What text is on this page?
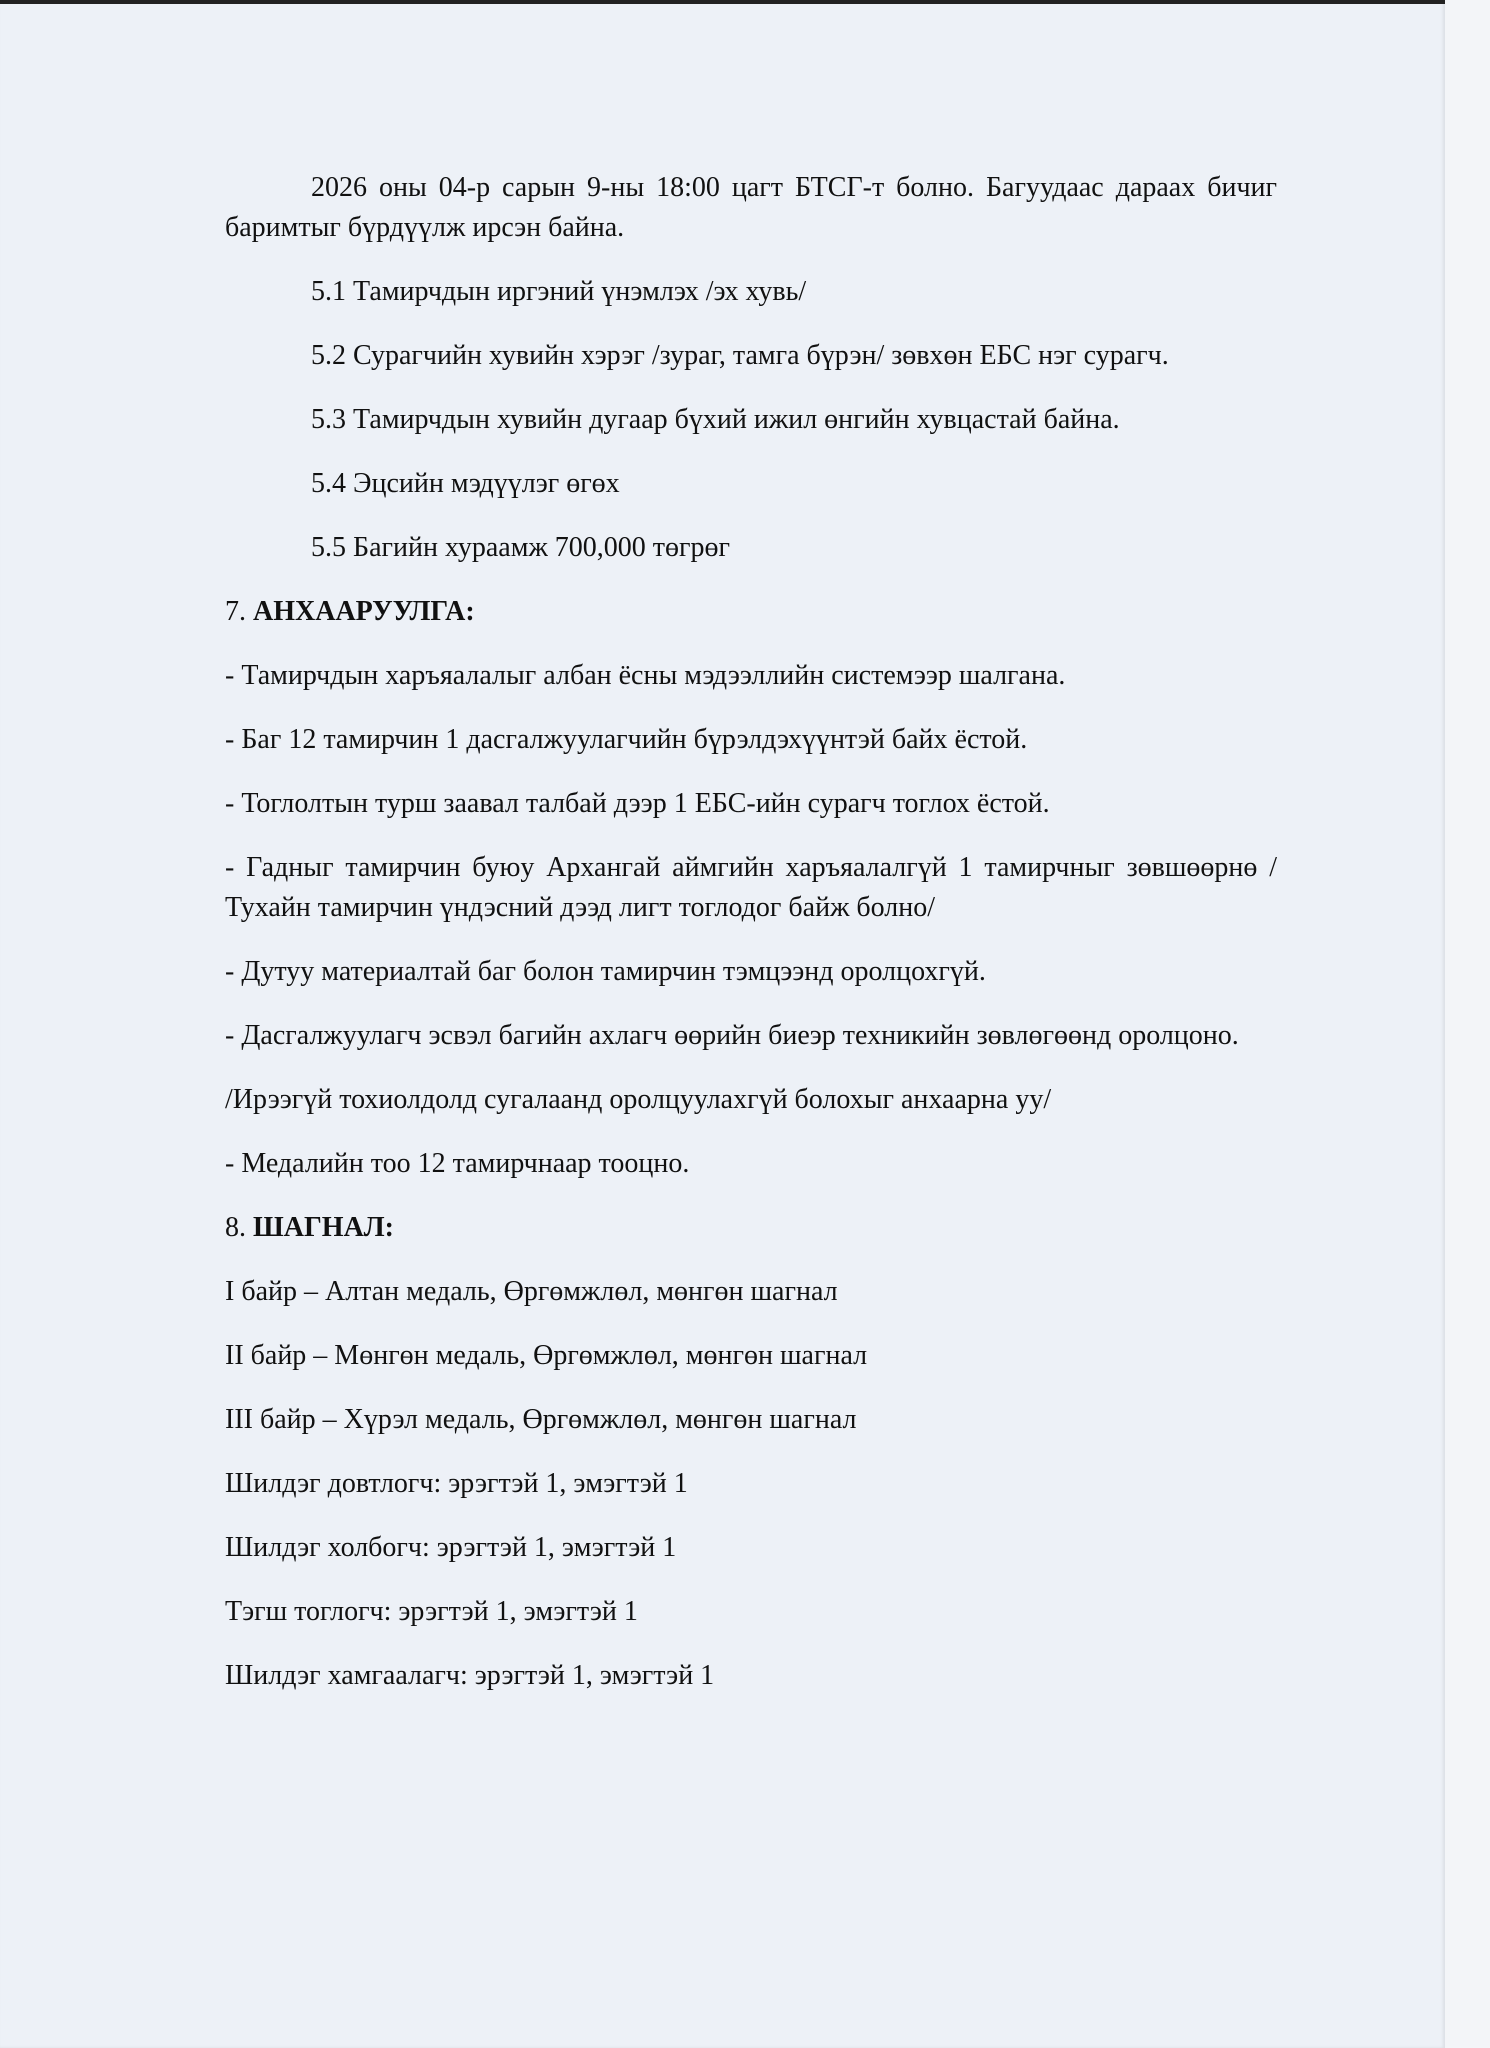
2026 оны 04-р сарын 9-ны 18:00 цагт БТСГ-т болно. Багуудаас дараах бичиг баримтыг бүрдүүлж ирсэн байна.

5.1 Тамирчдын иргэний үнэмлэх /эх хувь/

5.2 Сурагчийн хувийн хэрэг /зураг, тамга бүрэн/ зөвхөн ЕБС нэг сурагч.

5.3 Тамирчдын хувийн дугаар бүхий ижил өнгийн хувцастай байна.

5.4 Эцсийн мэдүүлэг өгөх

5.5 Багийн хураамж 700,000 төгрөг

7. АНХААРУУЛГА:

- Тамирчдын харъяалалыг албан ёсны мэдээллийн системээр шалгана.

- Баг 12 тамирчин 1 дасгалжуулагчийн бүрэлдэхүүнтэй байх ёстой.

- Тоглолтын турш заавал талбай дээр 1 ЕБС-ийн сурагч тоглох ёстой.

- Гадныг тамирчин буюу Архангай аймгийн харъяалалгүй 1 тамирчныг зөвшөөрнө /Тухайн тамирчин үндэсний дээд лигт тоглодог байж болно/

- Дутуу материалтай баг болон тамирчин тэмцээнд оролцохгүй.

- Дасгалжуулагч эсвэл багийн ахлагч өөрийн биеэр техникийн зөвлөгөөнд оролцоно.

/Ирээгүй тохиолдолд сугалаанд оролцуулахгүй болохыг анхаарна уу/

- Медалийн тоо 12 тамирчнаар тооцно.

8. ШАГНАЛ:

I байр – Алтан медаль, Өргөмжлөл, мөнгөн шагнал

II байр – Мөнгөн медаль, Өргөмжлөл, мөнгөн шагнал

III байр – Хүрэл медаль, Өргөмжлөл, мөнгөн шагнал

Шилдэг довтлогч: эрэгтэй 1, эмэгтэй 1

Шилдэг холбогч: эрэгтэй 1, эмэгтэй 1

Тэгш тоглогч: эрэгтэй 1, эмэгтэй 1

Шилдэг хамгаалагч: эрэгтэй 1, эмэгтэй 1
